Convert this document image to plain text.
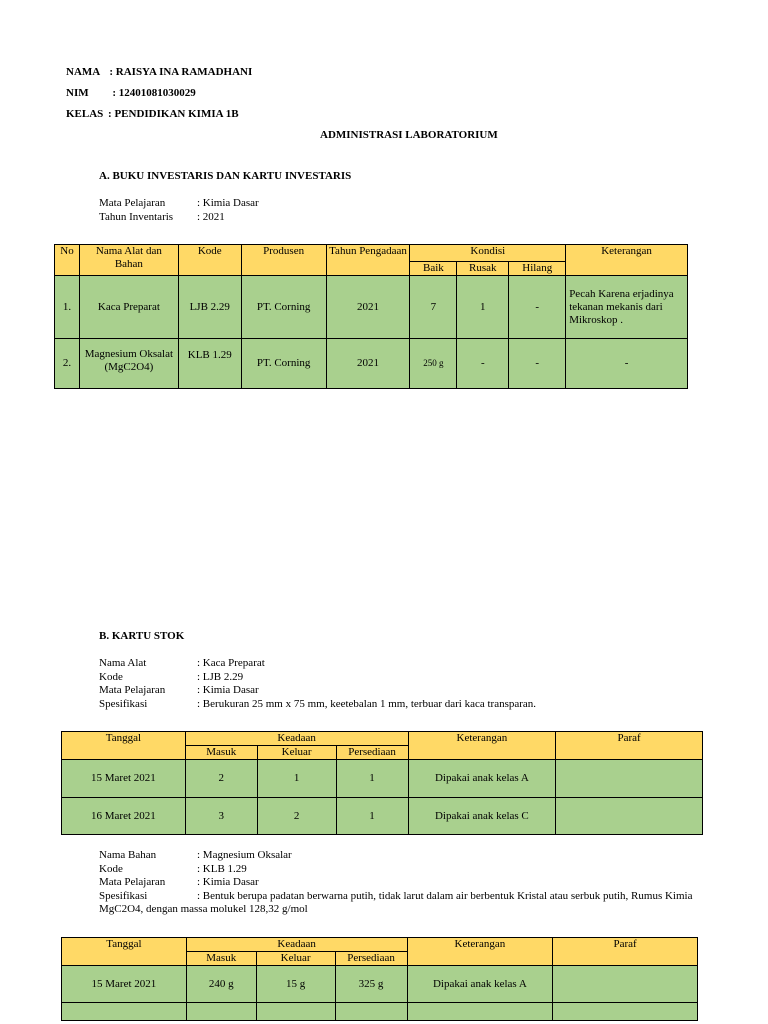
NAMA : RAISYA INA RAMADHANI
NIM : 12401081030029
KELAS : PENDIDIKAN KIMIA 1B
ADMINISTRASI LABORATORIUM
A. BUKU INVESTARIS DAN KARTU INVESTARIS
Mata Pelajaran	: Kimia Dasar
Tahun Inventaris : 2021
No	Nama Alat dan Bahan	Kode	Produsen	Tahun Pengadaan	Kondisi			Keterangan
					Baik	Rusak	Hilang	
1.	Kaca Preparat	LJB 2.29	PT. Corning	2021	7	1	-	Pecah Karena erjadinya tekanan mekanis dari Mikroskop .
2.	Magnesium Oksalat (MgC2O4)	KLB 1.29	PT. Corning	2021	250 g	-	-	-
B. KARTU STOK
Nama Alat	: Kaca Preparat
Kode	: LJB 2.29
Mata Pelajaran	: Kimia Dasar
Spesifikasi	: Berukuran 25 mm x 75 mm, keetebalan 1 mm, terbuar dari kaca transparan.
Tanggal	Keadaan			Keterangan	Paraf
	Masuk	Keluar	Persediaan		
15 Maret 2021	2	1	1	Dipakai anak kelas A	
16 Maret 2021	3	2	1	Dipakai anak kelas C	
Nama Bahan	: Magnesium Oksalar
Kode	: KLB 1.29
Mata Pelajaran	: Kimia Dasar
Spesifikasi	: Bentuk berupa padatan berwarna putih, tidak larut dalam air berbentuk Kristal atau serbuk putih, Rumus Kimia
MgC2O4, dengan massa molukel 128,32 g/mol
Tanggal	Keadaan			Keterangan	Paraf
	Masuk	Keluar	Persediaan		
15 Maret 2021	240 g	15 g	325 g	Dipakai anak kelas A	
